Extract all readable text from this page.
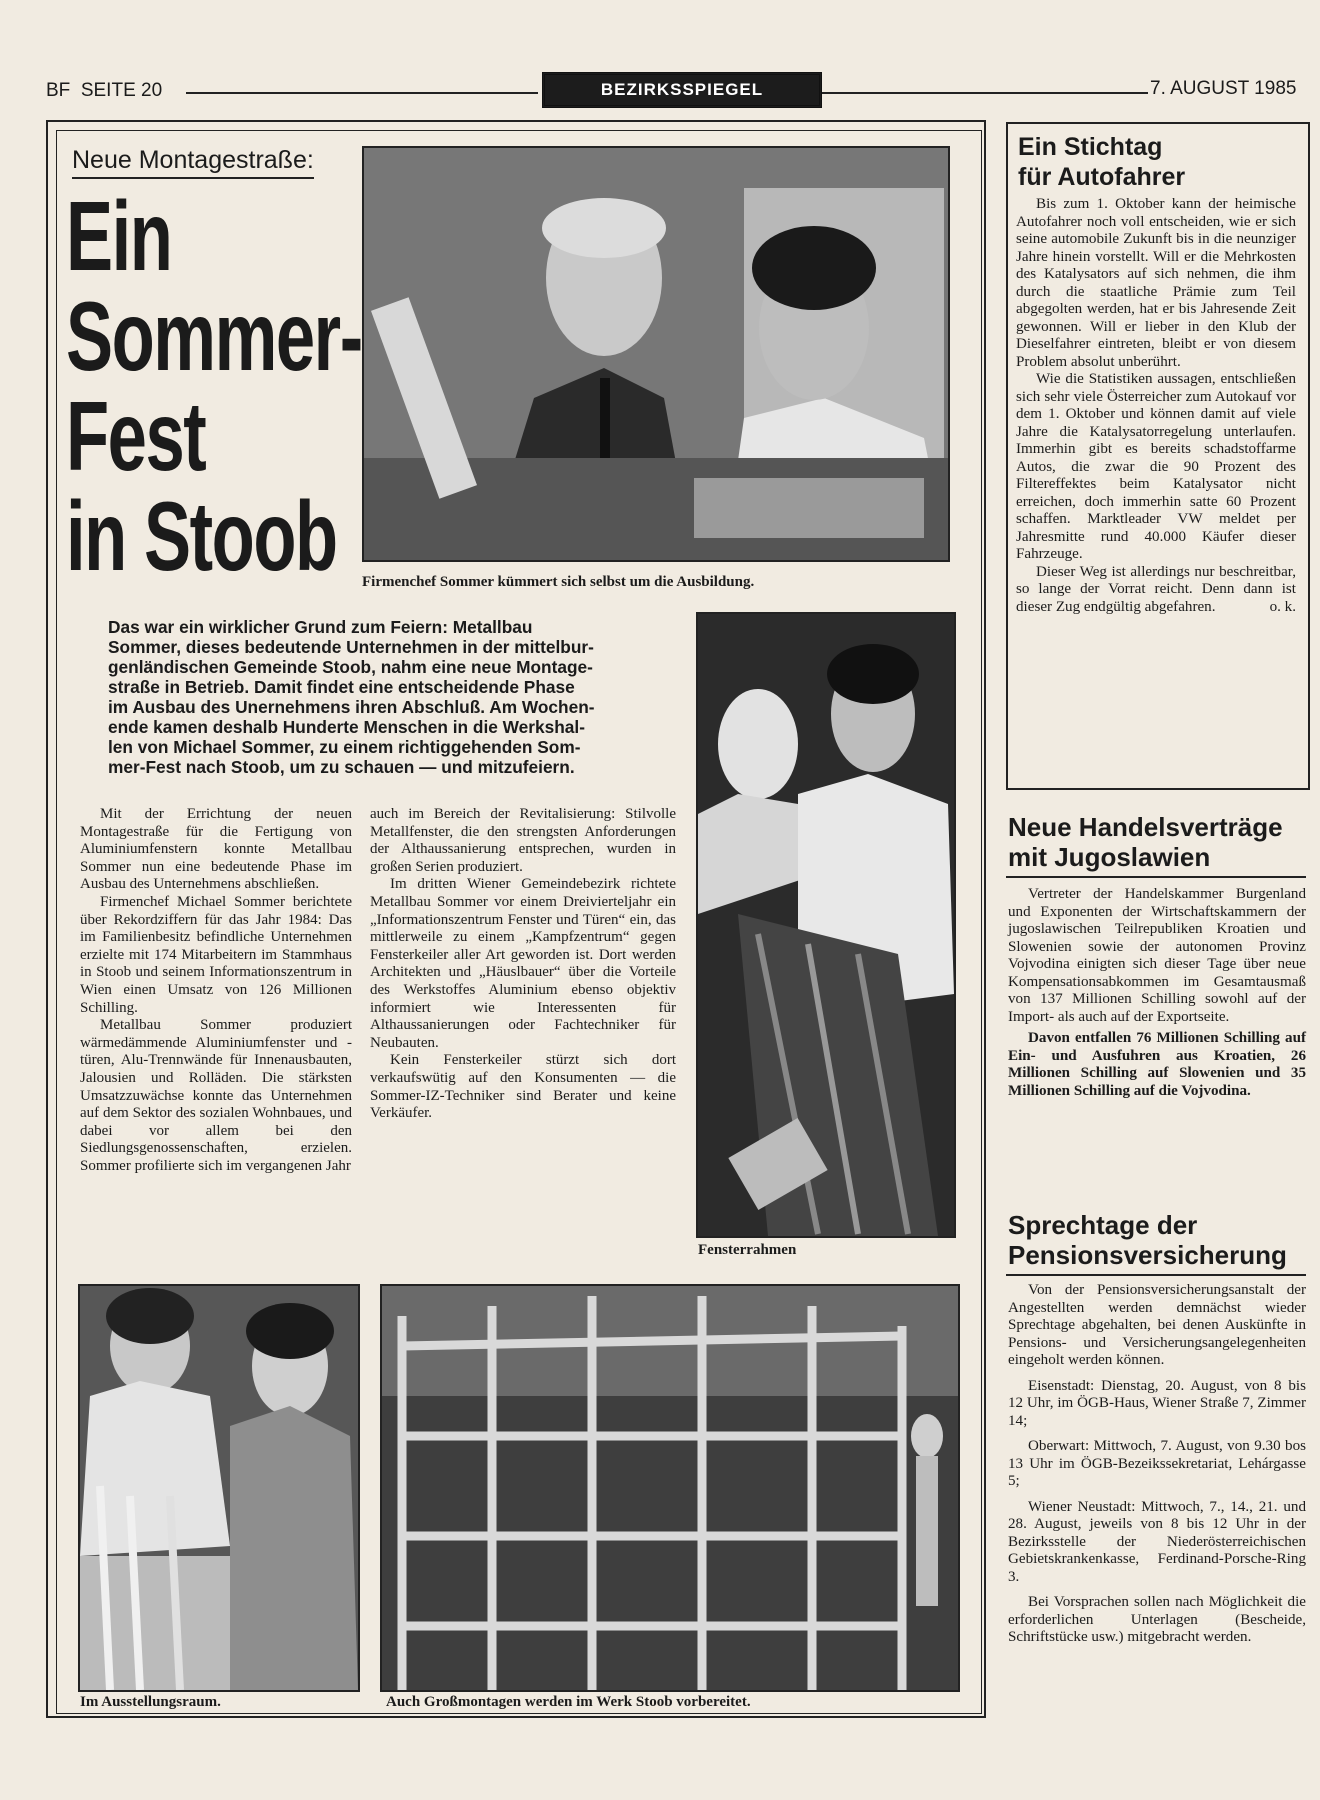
BF  SEITE 20	BEZIRKSSPIEGEL	7. AUGUST 1985
Neue Montagestraße:
Ein
Sommer-
Fest
in Stoob Firmenchef Sommer kümmert sich selbst um die Ausbildung.
Das war ein wirklicher Grund zum Feiern: Metallbau
Sommer, dieses bedeutende Unternehmen in der mittelbur-
genländischen Gemeinde Stoob, nahm eine neue Montage-
straße in Betrieb. Damit findet eine entscheidende Phase
im Ausbau des Unernehmens ihren Abschluß. Am Wochen-
ende kamen deshalb Hunderte Menschen in die Werkshal-
len von Michael Sommer, zu einem richtiggehenden Som-
mer-Fest nach Stoob, um zu schauen — und mitzufeiern.

Mit der Errichtung der neuen Montagestraße für die Fertigung von Aluminiumfenstern konnte Metallbau Sommer nun eine bedeutende Phase im Ausbau des Unternehmens abschließen.

Firmenchef Michael Sommer berichtete über Rekordziffern für das Jahr 1984: Das im Familienbesitz befindliche Unternehmen erzielte mit 174 Mitarbeitern im Stammhaus in Stoob und seinem Informationszentrum in Wien einen Umsatz von 126 Millionen Schilling.

Metallbau Sommer produziert wärmedämmende Aluminiumfenster und -türen, Alu-Trennwände für Innenausbauten, Jalousien und Rolläden. Die stärksten Umsatzzuwächse konnte das Unternehmen auf dem Sektor des sozialen Wohnbaues, und dabei vor allem bei den Siedlungsgenossenschaften, erzielen. Sommer profilierte sich im vergangenen Jahr

auch im Bereich der Revitalisierung: Stilvolle Metallfenster, die den strengsten Anforderungen der Althaussanierung entsprechen, wurden in großen Serien produziert.

Im dritten Wiener Gemeindebezirk richtete Metallbau Sommer vor einem Dreivierteljahr ein „Informationszentrum Fenster und Türen“ ein, das mittlerweile zu einem „Kampfzentrum“ gegen Fensterkeiler aller Art geworden ist. Dort werden Architekten und „Häuslbauer“ über die Vorteile des Werkstoffes Aluminium ebenso objektiv informiert wie Interessenten für Althaussanierungen oder Fachtechniker für Neubauten.

Kein Fensterkeiler stürzt sich dort verkaufswütig auf den Konsumenten — die Sommer-IZ-Techniker sind Berater und keine Verkäufer.

Fensterrahmen
Im Ausstellungsraum.	Auch Großmontagen werden im Werk Stoob vorbereitet.
Ein Stichtag
für Autofahrer

Bis zum 1. Oktober kann der heimische Autofahrer noch voll entscheiden, wie er sich seine automobile Zukunft bis in die neunziger Jahre hinein vorstellt. Will er die Mehrkosten des Katalysators auf sich nehmen, die ihm durch die staatliche Prämie zum Teil abgegolten werden, hat er bis Jahresende Zeit gewonnen. Will er lieber in den Klub der Dieselfahrer eintreten, bleibt er von diesem Problem absolut unberührt.

Wie die Statistiken aussagen, entschließen sich sehr viele Österreicher zum Autokauf vor dem 1. Oktober und können damit auf viele Jahre die Katalysatorregelung unterlaufen. Immerhin gibt es bereits schadstoffarme Autos, die zwar die 90 Prozent des Filtereffektes beim Katalysator nicht erreichen, doch immerhin satte 60 Prozent schaffen. Marktleader VW meldet per Jahresmitte rund 40.000 Käufer dieser Fahrzeuge.

Dieser Weg ist allerdings nur beschreitbar, so lange der Vorrat reicht. Denn dann ist dieser Zug endgültig abgefahren.	o. k.

Neue Handelsverträge
mit Jugoslawien

Vertreter der Handelskammer Burgenland und Exponenten der Wirtschaftskammern der jugoslawischen Teilrepubliken Kroatien und Slowenien sowie der autonomen Provinz Vojvodina einigten sich dieser Tage über neue Kompensationsabkommen im Gesamtausmaß von 137 Millionen Schilling sowohl auf der Import- als auch auf der Exportseite.

Davon entfallen 76 Millionen Schilling auf Ein- und Ausfuhren aus Kroatien, 26 Millionen Schilling auf Slowenien und 35 Millionen Schilling auf die Vojvodina.

Sprechtage der
Pensionsversicherung

Von der Pensionsversicherungsanstalt der Angestellten werden demnächst wieder Sprechtage abgehalten, bei denen Auskünfte in Pensions- und Versicherungsangelegenheiten eingeholt werden können.

Eisenstadt: Dienstag, 20. August, von 8 bis 12 Uhr, im ÖGB-Haus, Wiener Straße 7, Zimmer 14;

Oberwart: Mittwoch, 7. August, von 9.30 bos 13 Uhr im ÖGB-Bezeikssekretariat, Lehárgasse 5;

Wiener Neustadt: Mittwoch, 7., 14., 21. und 28. August, jeweils von 8 bis 12 Uhr in der Bezirksstelle der Niederösterreichischen Gebietskrankenkasse, Ferdinand-Porsche-Ring 3.

Bei Vorsprachen sollen nach Möglichkeit die erforderlichen Unterlagen (Bescheide, Schriftstücke usw.) mitgebracht werden.
